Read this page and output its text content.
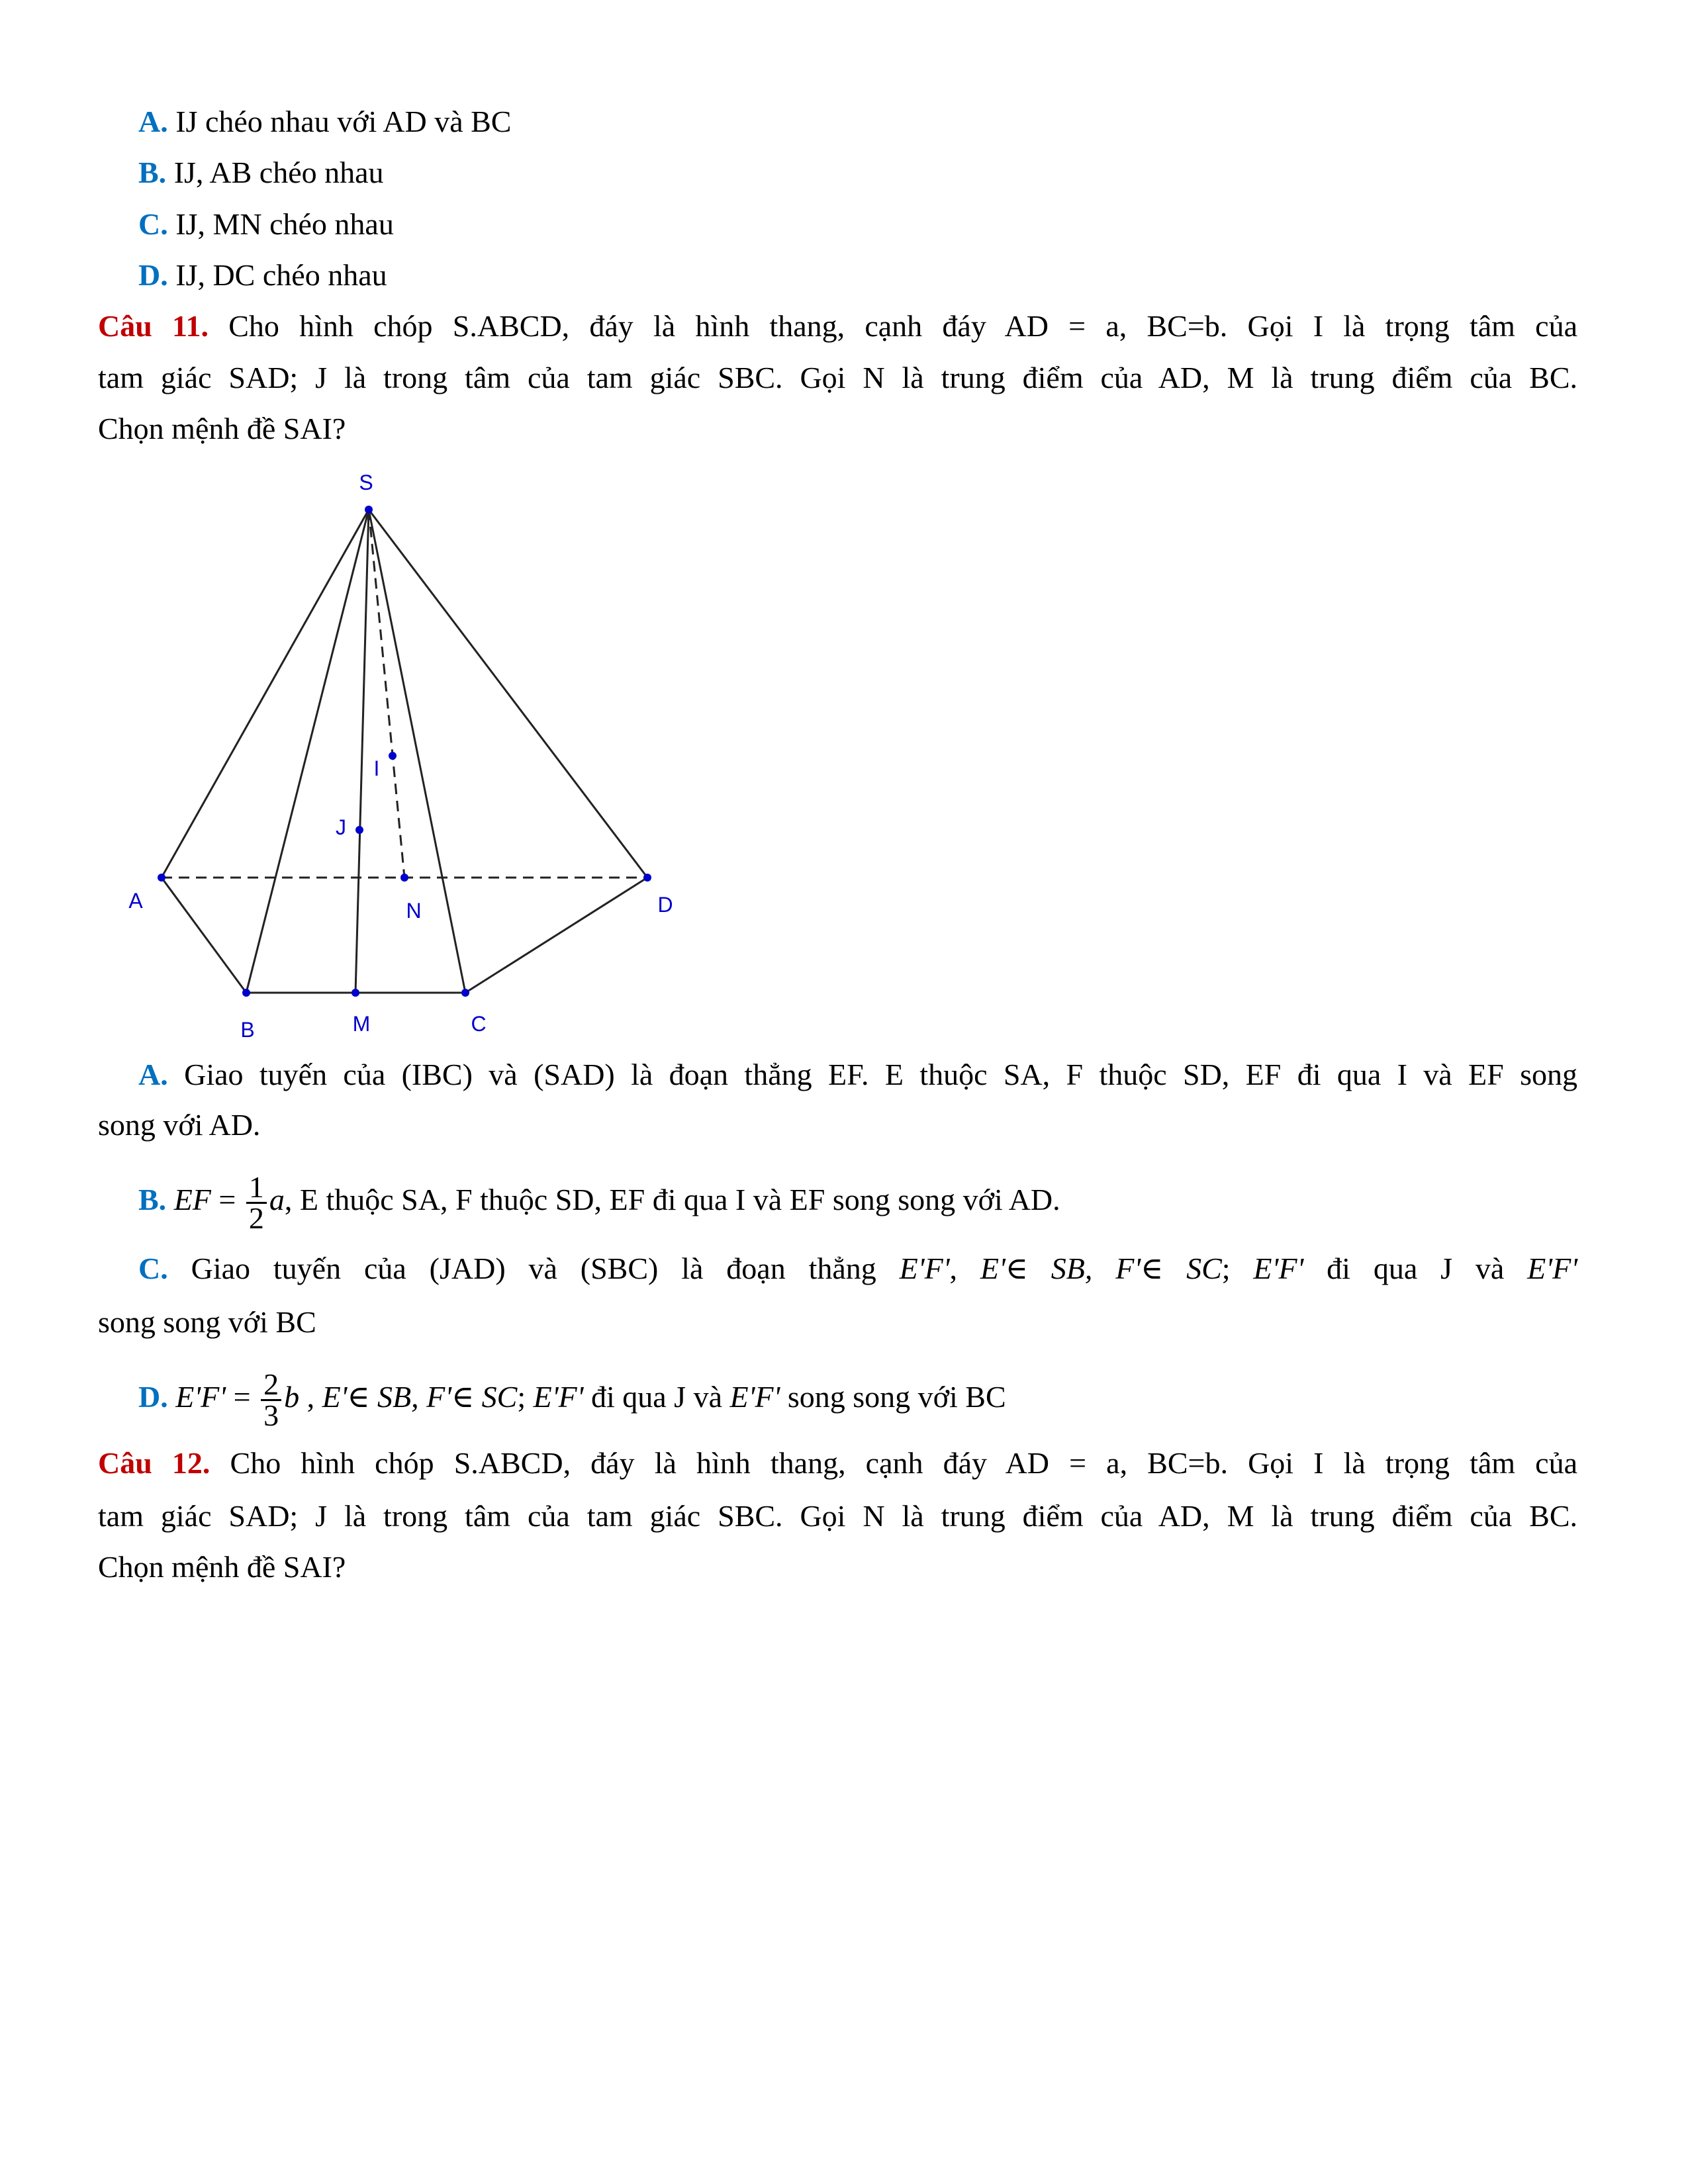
A. IJ chéo nhau với AD và BC
B. IJ, AB chéo nhau
C. IJ, MN chéo nhau
D. IJ, DC chéo nhau
Câu 11. Cho hình chóp S.ABCD, đáy là hình thang, cạnh đáy AD = a, BC=b. Gọi I là trọng tâm của
tam giác SAD; J là trong tâm của tam giác SBC. Gọi N là trung điểm của AD, M là trung điểm của BC.
Chọn mệnh đề SAI?
S
A	D
N
B	M	C
I
J
A. Giao tuyến của (IBC) và (SAD) là đoạn thẳng EF. E thuộc SA, F thuộc SD, EF đi qua I và EF song
song với AD.
B. EF = $\frac{1}{2} a$, E thuộc SA, F thuộc SD, EF đi qua I và EF song song với AD.
C. Giao tuyến của (JAD) và (SBC) là đoạn thẳng E'F', E'∈ SB, F'∈ SC; E'F' đi qua J và E'F'
song song với BC
D. $E'F' = \frac{2}{3}$ b , E'∈ SB, F'∈ SC; E'F' đi qua J và E'F' song song với BC
Câu 12. Cho hình chóp S.ABCD, đáy là hình thang, cạnh đáy AD = a, BC=b. Gọi I là trọng tâm của
tam giác SAD; J là trong tâm của tam giác SBC. Gọi N là trung điểm của AD, M là trung điểm của BC.
Chọn mệnh đề SAI?
